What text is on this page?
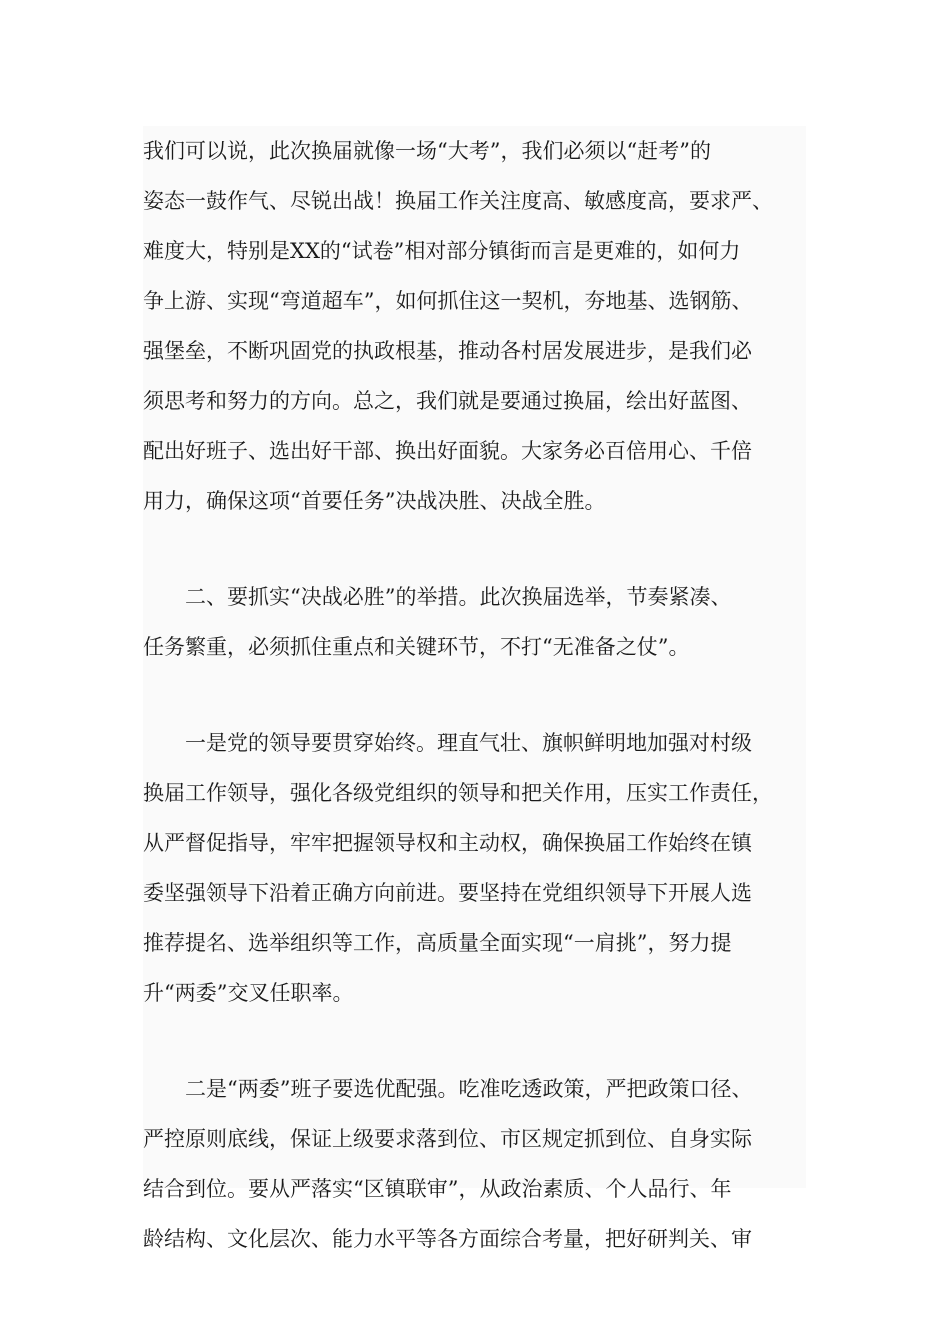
我们可以说，此次换届就像一场“大考”，我们必须以“赶考”的
姿态一鼓作气、尽锐出战！换届工作关注度高、敏感度高，要求严、
难度大，特别是XX的“试卷”相对部分镇街而言是更难的，如何力
争上游、实现“弯道超车”，如何抓住这一契机，夯地基、选钢筋、
强堡垒，不断巩固党的执政根基，推动各村居发展进步，是我们必
须思考和努力的方向。总之，我们就是要通过换届，绘出好蓝图、
配出好班子、选出好干部、换出好面貌。大家务必百倍用心、千倍
用力，确保这项“首要任务”决战决胜、决战全胜。
二、要抓实“决战必胜”的举措。此次换届选举，节奏紧凑、
任务繁重，必须抓住重点和关键环节，不打“无准备之仗”。
一是党的领导要贯穿始终。理直气壮、旗帜鲜明地加强对村级
换届工作领导，强化各级党组织的领导和把关作用，压实工作责任，
从严督促指导，牢牢把握领导权和主动权，确保换届工作始终在镇
委坚强领导下沿着正确方向前进。要坚持在党组织领导下开展人选
推荐提名、选举组织等工作，高质量全面实现“一肩挑”，努力提
升“两委”交叉任职率。
二是“两委”班子要选优配强。吃准吃透政策，严把政策口径、
严控原则底线，保证上级要求落到位、市区规定抓到位、自身实际
结合到位。要从严落实“区镇联审”，从政治素质、个人品行、年
龄结构、文化层次、能力水平等各方面综合考量，把好研判关、审
